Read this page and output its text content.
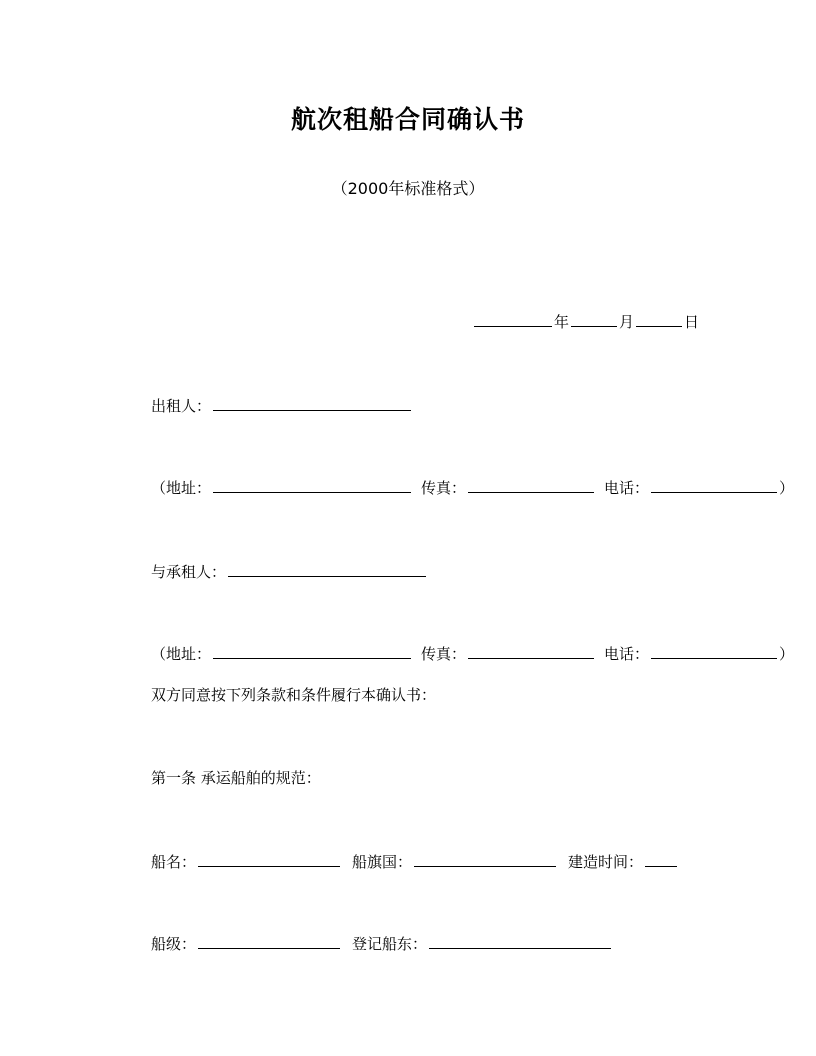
航次租船合同确认书
（2000年标准格式）
年	月	日
出租人：
（地址：	传真：	电话：	）
与承租人：
（地址：	传真：	电话：	）
双方同意按下列条款和条件履行本确认书：
第一条 承运船舶的规范：
船名：	船旗国：	建造时间：
船级：	登记船东：
